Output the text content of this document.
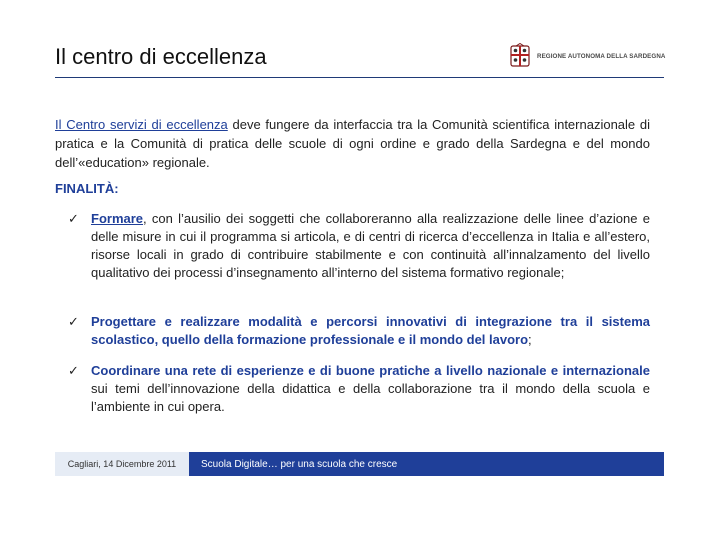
Il centro di eccellenza	REGIONE AUTONOMA DELLA SARDEGNA

Il Centro servizi di eccellenza deve fungere da interfaccia tra la Comunità scientifica internazionale di pratica e la Comunità di pratica delle scuole di ogni ordine e grado della Sardegna e del mondo dell’«education» regionale.

FINALITÀ:
✓ Formare, con l’ausilio dei soggetti che collaboreranno alla realizzazione delle linee d’azione e delle misure in cui il programma si articola, e di centri di ricerca d’eccellenza in Italia e all’estero, risorse locali in grado di contribuire stabilmente e con continuità all’innalzamento del livello qualitativo dei processi d’insegnamento all’interno del sistema formativo regionale;

✓ Progettare e realizzare modalità e percorsi innovativi di integrazione tra il sistema scolastico, quello della formazione professionale e il mondo del lavoro;

✓ Coordinare una rete di esperienze e di buone pratiche a livello nazionale e internazionale sui temi dell’innovazione della didattica e della collaborazione tra il mondo della scuola e l’ambiente in cui opera.

Cagliari, 14 Dicembre 2011	Scuola Digitale… per una scuola che cresce
